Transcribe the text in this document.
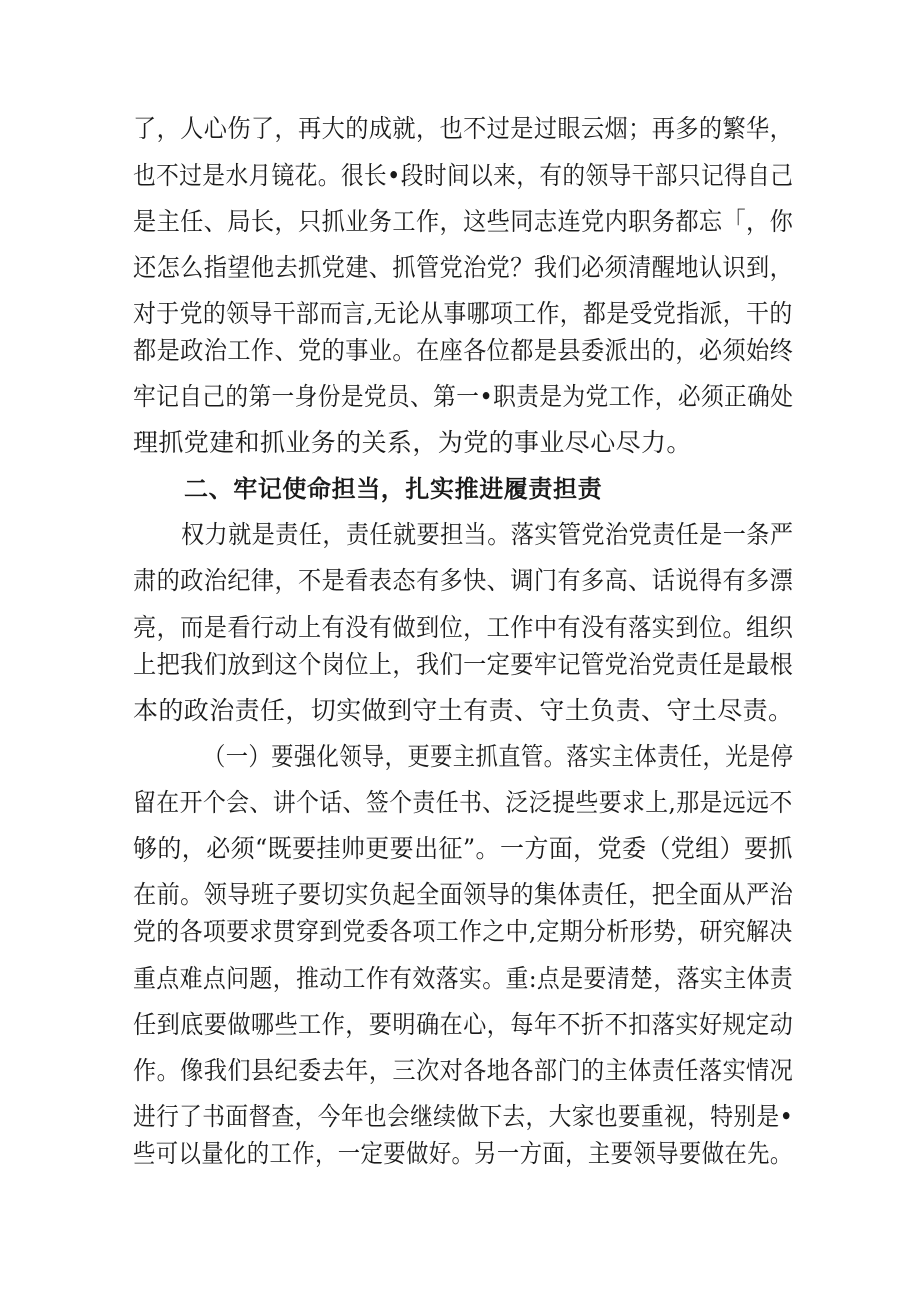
了，人心伤了，再大的成就，也不过是过眼云烟；再多的繁华，
也不过是水月镜花。很长•段时间以来，有的领导干部只记得自己
是主任、局长，只抓业务工作，这些同志连党内职务都忘「，你
还怎么指望他去抓党建、抓管党治党？我们必须清醒地认识到，
对于党的领导干部而言,无论从事哪项工作，都是受党指派，干的
都是政治工作、党的事业。在座各位都是县委派出的，必须始终
牢记自己的第一身份是党员、第一•职责是为党工作，必须正确处
理抓党建和抓业务的关系，为党的事业尽心尽力。
二、牢记使命担当，扎实推进履责担责
权力就是责任，责任就要担当。落实管党治党责任是一条严
肃的政治纪律，不是看表态有多快、调门有多高、话说得有多漂
亮，而是看行动上有没有做到位，工作中有没有落实到位。组织
上把我们放到这个岗位上，我们一定要牢记管党治党责任是最根
本的政治责任，切实做到守土有责、守土负责、守土尽责。
（一）要强化领导，更要主抓直管。落实主体责任，光是停
留在开个会、讲个话、签个责任书、泛泛提些要求上,那是远远不
够的，必须“既要挂帅更要出征”。一方面，党委（党组）要抓
在前。领导班子要切实负起全面领导的集体责任，把全面从严治
党的各项要求贯穿到党委各项工作之中,定期分析形势，研究解决
重点难点问题，推动工作有效落实。重:点是要清楚，落实主体责
任到底要做哪些工作，要明确在心，每年不折不扣落实好规定动
作。像我们县纪委去年，三次对各地各部门的主体责任落实情况
进行了书面督查，今年也会继续做下去，大家也要重视，特别是•
些可以量化的工作，一定要做好。另一方面，主要领导要做在先。
